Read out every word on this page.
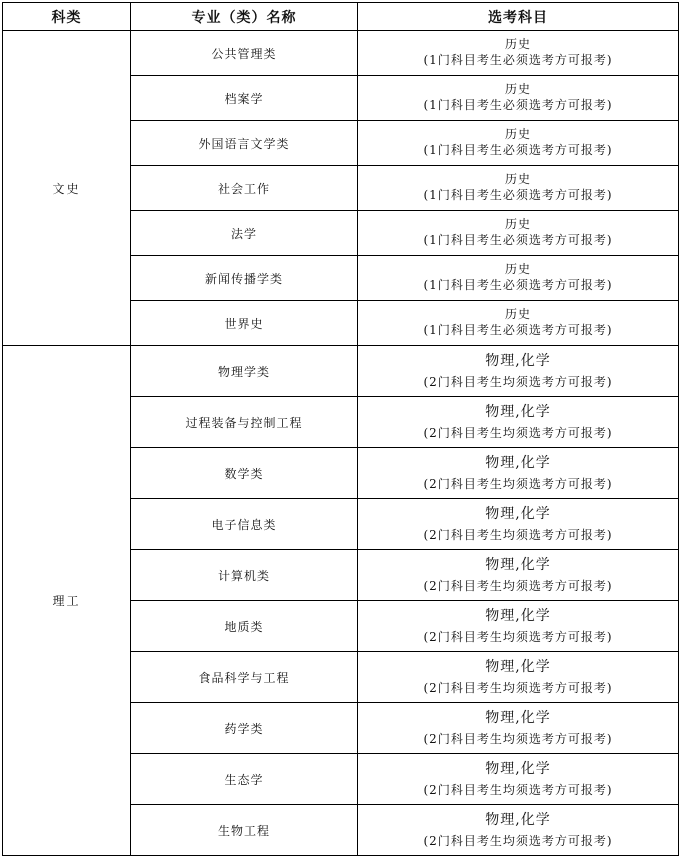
科类	专业（类）名称	选考科目
文史	公共管理类	历史
(1门科目考生必须选考方可报考)

	档案学	历史
(1门科目考生必须选考方可报考)

	外国语言文学类	历史
(1门科目考生必须选考方可报考)

	社会工作	历史
(1门科目考生必须选考方可报考)

	法学	历史
(1门科目考生必须选考方可报考)

	新闻传播学类	历史
(1门科目考生必须选考方可报考)

	世界史	历史
(1门科目考生必须选考方可报考)

理工	物理学类	物理,化学
(2门科目考生均须选考方可报考)

	过程装备与控制工程	物理,化学
(2门科目考生均须选考方可报考)

	数学类	物理,化学
(2门科目考生均须选考方可报考)

	电子信息类	物理,化学
(2门科目考生均须选考方可报考)

	计算机类	物理,化学
(2门科目考生均须选考方可报考)

	地质类	物理,化学
(2门科目考生均须选考方可报考)

	食品科学与工程	物理,化学
(2门科目考生均须选考方可报考)

	药学类	物理,化学
(2门科目考生均须选考方可报考)

	生态学	物理,化学
(2门科目考生均须选考方可报考)

	生物工程	物理,化学
(2门科目考生均须选考方可报考)
